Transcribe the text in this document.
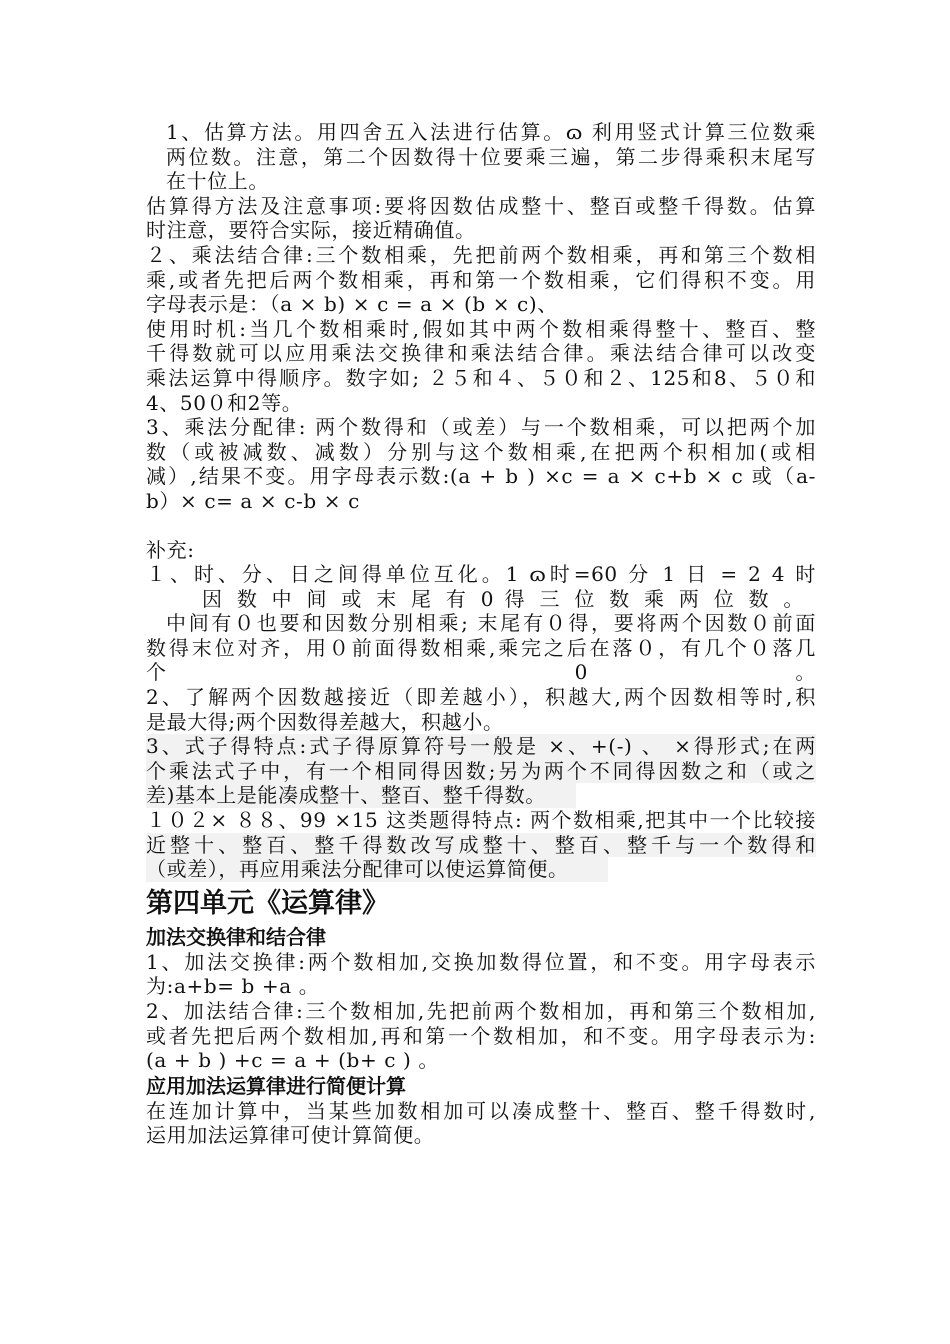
1、估算方法。用四舍五入法进行估算。ɷ 利用竖式计算三位数乘
两位数。注意，第二个因数得十位要乘三遍，第二步得乘积末尾写
在十位上。
估算得方法及注意事项:要将因数估成整十、整百或整千得数。估算
时注意，要符合实际，接近精确值。
２、乘法结合律:三个数相乘，先把前两个数相乘，再和第三个数相
乘,或者先把后两个数相乘，再和第一个数相乘，它们得积不变。用
字母表示是：（a × b) × c = a × (b × c)、
使用时机:当几个数相乘时,假如其中两个数相乘得整十、整百、整
千得数就可以应用乘法交换律和乘法结合律。乘法结合律可以改变
乘法运算中得顺序。数字如; ２５和４、５０和２、125和8、５０和
4、50０和2等。
3、乘法分配律: 两个数得和（或差）与一个数相乘，可以把两个加
数（或被减数、减数）分别与这个数相乘,在把两个积相加(或相
减）,结果不变。用字母表示数:(a + b ) ×c = a × c+b × c 或（a-
b）× c= a × c-b × c
补充:
１、时、分、日之间得单位互化。1 ɷ时=60 分 1 日 = 2 4 时
因 数 中 间 或 末 尾 有 0 得 三 位 数 乘 两 位 数 。
中间有０也要和因数分别相乘; 末尾有０得，要将两个因数０前面
数得末位对齐，用０前面得数相乘,乘完之后在落０，有几个０落几
个 0 。
2、了解两个因数越接近（即差越小），积越大,两个因数相等时,积
是最大得;两个因数得差越大，积越小。
3、式子得特点:式子得原算符号一般是 ×、+(-) 、 ×得形式;在两
个乘法式子中，有一个相同得因数;另为两个不同得因数之和（或之
差)基本上是能凑成整十、整百、整千得数。
１０２× ８８、99 ×15 这类题得特点: 两个数相乘,把其中一个比较接
近整十、整百、整千得数改写成整十、整百、整千与一个数得和
（或差），再应用乘法分配律可以使运算简便。
第四单元《运算律》
加法交换律和结合律
1、加法交换律:两个数相加,交换加数得位置，和不变。用字母表示
为:a+b= b +a 。
2、加法结合律:三个数相加,先把前两个数相加，再和第三个数相加,
或者先把后两个数相加,再和第一个数相加，和不变。用字母表示为:
(a + b ) +c = a + (b+ c ) 。
应用加法运算律进行简便计算
在连加计算中，当某些加数相加可以凑成整十、整百、整千得数时,
运用加法运算律可使计算简便。
